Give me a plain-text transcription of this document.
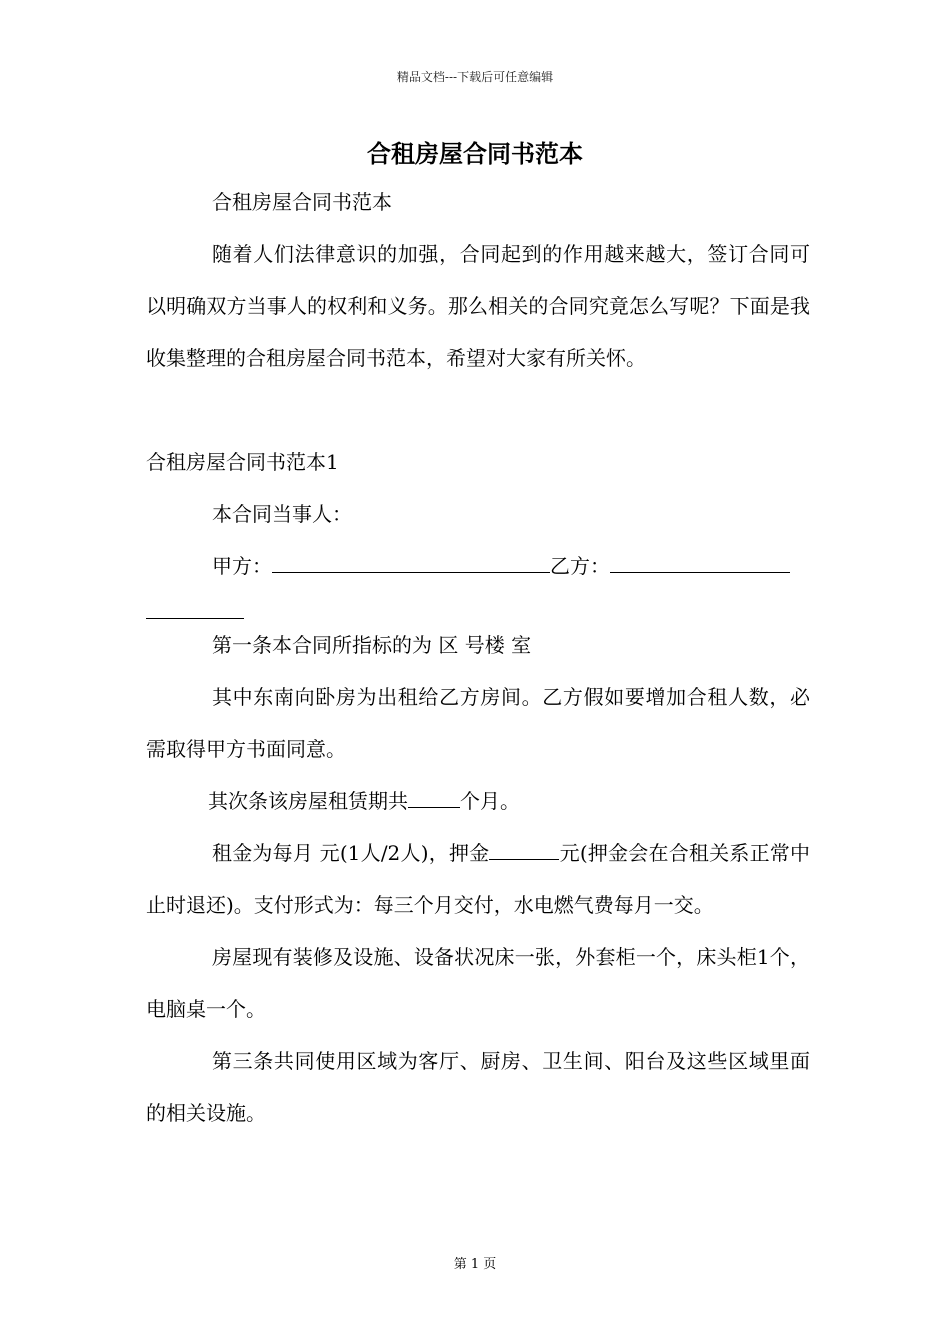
精品文档---下载后可任意编辑
合租房屋合同书范本

合租房屋合同书范本

随着人们法律意识的加强，合同起到的作用越来越大，签订合同可以明确双方当事人的权利和义务。那么相关的合同究竟怎么写呢？下面是我收集整理的合租房屋合同书范本，希望对大家有所关怀。

合租房屋合同书范本1

本合同当事人：

甲方：	乙方：

第一条本合同所指标的为 区 号楼 室

其中东南向卧房为出租给乙方房间。乙方假如要增加合租人数，必需取得甲方书面同意。

其次条该房屋租赁期共	个月。

租金为每月 元(1人/2人)，押金	元(押金会在合租关系正常中止时退还)。支付形式为：每三个月交付，水电燃气费每月一交。

房屋现有装修及设施、设备状况床一张，外套柜一个，床头柜1个，电脑桌一个。

第三条共同使用区域为客厅、厨房、卫生间、阳台及这些区域里面的相关设施。

第 1 页
